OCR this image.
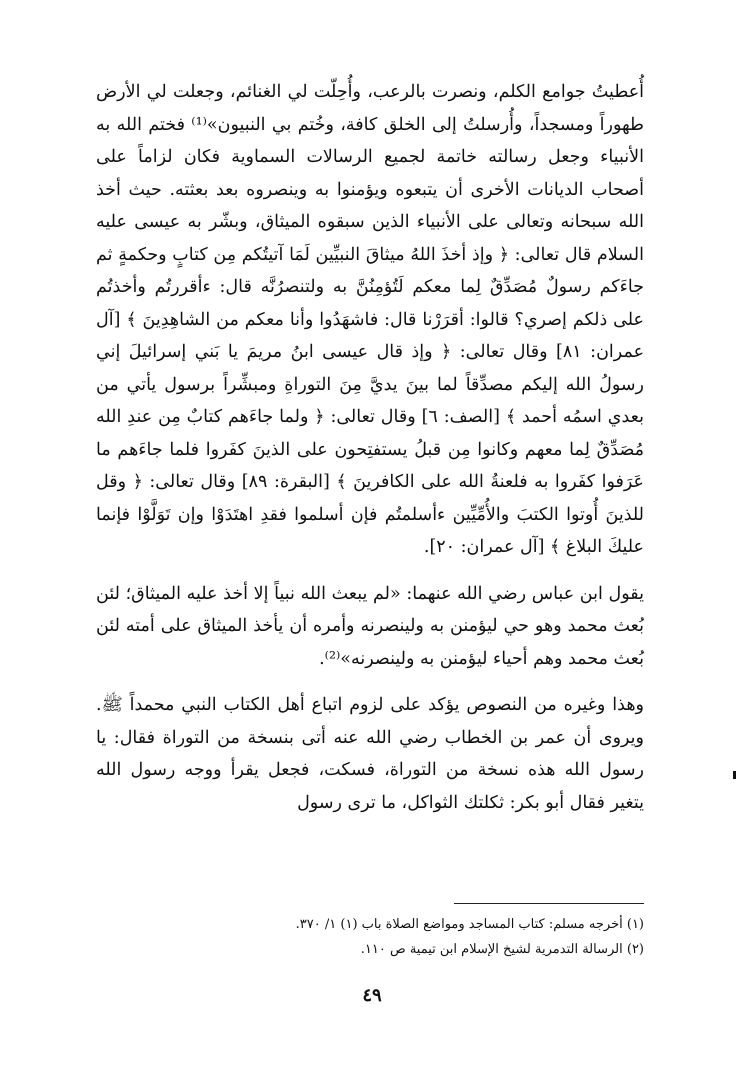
أُعطيتُ جوامع الكلم، ونصرت بالرعب، وأُحِلّت لي الغنائم، وجعلت لي الأرض طهوراً ومسجداً، وأُرسلتُ إلى الخلق كافة، وخُتم بي النبيون»⁽¹⁾ فختم الله به الأنبياء وجعل رسالته خاتمة لجميع الرسالات السماوية فكان لزاماً على أصحاب الديانات الأخرى أن يتبعوه ويؤمنوا به وينصروه بعد بعثته. حيث أخذ الله سبحانه وتعالى على الأنبياء الذين سبقوه الميثاق، وبشّر به عيسى عليه السلام قال تعالى: ﴿ وإذ أخذَ اللهُ ميثاقَ النبيِّين لَمَا آتيتُكم مِن كتابٍ وحكمةٍ ثم جاءَكم رسولٌ مُصَدِّقٌ لِما معكم لَتُؤمِنُنَّ به ولتنصرُنَّه قال: ءأقررتُم وأخذتُم على ذلكم إصري؟ قالوا: أقرَرْنا قال: فاشهَدُوا وأنا معكم من الشاهِدِينَ ﴾ [آل عمران: ٨١] وقال تعالى: ﴿ وإذ قال عيسى ابنُ مريمَ يا بَني إسرائيلَ إني رسولُ الله إليكم مصدِّقاً لما بينَ يديَّ مِنَ التوراةِ ومبشِّراً برسول يأتي من بعدي اسمُه أحمد ﴾ [الصف: ٦] وقال تعالى: ﴿ ولما جاءَهم كتابٌ مِن عندِ الله مُصَدِّقٌ لِما معهم وكانوا مِن قبلُ يستفتِحون على الذينَ كفَروا فلما جاءَهم ما عَرَفوا كفَروا به فلعنةُ الله على الكافرينَ ﴾ [البقرة: ٨٩] وقال تعالى: ﴿ وقل للذينَ أُوتوا الكتبَ والأُمِّيِّين ءأسلمتُم فإن أسلموا فقدِ اهتَدَوْا وإن تَوَلَّوْا فإنما عليكَ البلاغ ﴾ [آل عمران: ٢٠].

يقول ابن عباس رضي الله عنهما: «لم يبعث الله نبياً إلا أخذ عليه الميثاق؛ لئن بُعث محمد وهو حي ليؤمنن به ولينصرنه وأمره أن يأخذ الميثاق على أمته لئن بُعث محمد وهم أحياء ليؤمنن به ولينصرنه»⁽²⁾.

وهذا وغيره من النصوص يؤكد على لزوم اتباع أهل الكتاب النبي محمداً ﷺ. ويروى أن عمر بن الخطاب رضي الله عنه أتى بنسخة من التوراة فقال: يا رسول الله هذه نسخة من التوراة، فسكت، فجعل يقرأ ووجه رسول الله يتغير فقال أبو بكر: ثكلتك الثواكل، ما ترى رسول

(١) أخرجه مسلم: كتاب المساجد ومواضع الصلاة باب (١) ١/ ٣٧٠.

(٢) الرسالة التدمرية لشيخ الإسلام ابن تيمية ص ١١٠.

٤٩
